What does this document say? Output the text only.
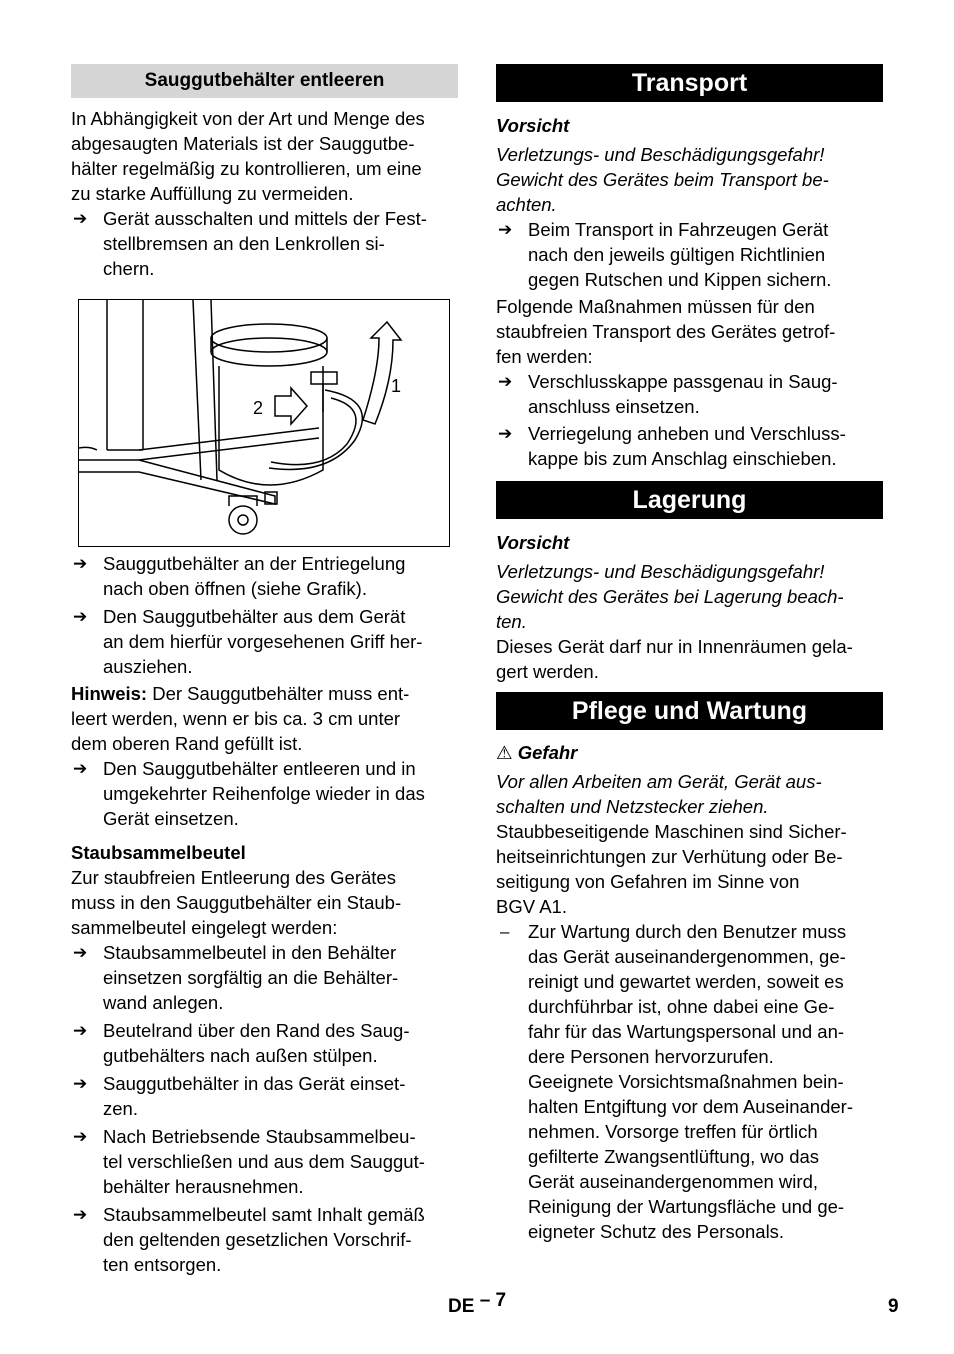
Sauggutbehälter entleeren

In Abhängigkeit von der Art und Menge des
abgesaugten Materials ist der Sauggutbe-
hälter regelmäßig zu kontrollieren, um eine
zu starke Auffüllung zu vermeiden.

➔ Gerät ausschalten und mittels der Fest-
stellbremsen an den Lenkrollen si-
chern.
2
1
➔ Sauggutbehälter an der Entriegelung
nach oben öffnen (siehe Grafik).
➔ Den Sauggutbehälter aus dem Gerät
an dem hierfür vorgesehenen Griff her-
ausziehen.

Hinweis: Der Sauggutbehälter muss ent-
leert werden, wenn er bis ca. 3 cm unter
dem oberen Rand gefüllt ist.

➔ Den Sauggutbehälter entleeren und in
umgekehrter Reihenfolge wieder in das
Gerät einsetzen.
Staubsammelbeutel

Zur staubfreien Entleerung des Gerätes
muss in den Sauggutbehälter ein Staub-
sammelbeutel eingelegt werden:

➔ Staubsammelbeutel in den Behälter
einsetzen sorgfältig an die Behälter-
wand anlegen.
➔ Beutelrand über den Rand des Saug-
gutbehälters nach außen stülpen.
➔ Sauggutbehälter in das Gerät einset-
zen.
➔ Nach Betriebsende Staubsammelbeu-
tel verschließen und aus dem Sauggut-
behälter herausnehmen.
➔ Staubsammelbeutel samt Inhalt gemäß
den geltenden gesetzlichen Vorschrif-
ten entsorgen.
Transport

Vorsicht

Verletzungs- und Beschädigungsgefahr!
Gewicht des Gerätes beim Transport be-
achten.

➔ Beim Transport in Fahrzeugen Gerät
nach den jeweils gültigen Richtlinien
gegen Rutschen und Kippen sichern.

Folgende Maßnahmen müssen für den
staubfreien Transport des Gerätes getrof-
fen werden:

➔ Verschlusskappe passgenau in Saug-
anschluss einsetzen.
➔ Verriegelung anheben und Verschluss-
kappe bis zum Anschlag einschieben.
Lagerung

Vorsicht

Verletzungs- und Beschädigungsgefahr!
Gewicht des Gerätes bei Lagerung beach-
ten.

Dieses Gerät darf nur in Innenräumen gela-
gert werden.

Pflege und Wartung

⚠ Gefahr

Vor allen Arbeiten am Gerät, Gerät aus-
schalten und Netzstecker ziehen.

Staubbeseitigende Maschinen sind Sicher-
heitseinrichtungen zur Verhütung oder Be-
seitigung von Gefahren im Sinne von
BGV A1.

– Zur Wartung durch den Benutzer muss
das Gerät auseinandergenommen, ge-
reinigt und gewartet werden, soweit es
durchführbar ist, ohne dabei eine Ge-
fahr für das Wartungspersonal und an-
dere Personen hervorzurufen.
Geeignete Vorsichtsmaßnahmen bein-
halten Entgiftung vor dem Auseinander-
nehmen. Vorsorge treffen für örtlich
gefilterte Zwangsentlüftung, wo das
Gerät auseinandergenommen wird,
Reinigung der Wartungsfläche und ge-
eigneter Schutz des Personals.
DE – 7	9
